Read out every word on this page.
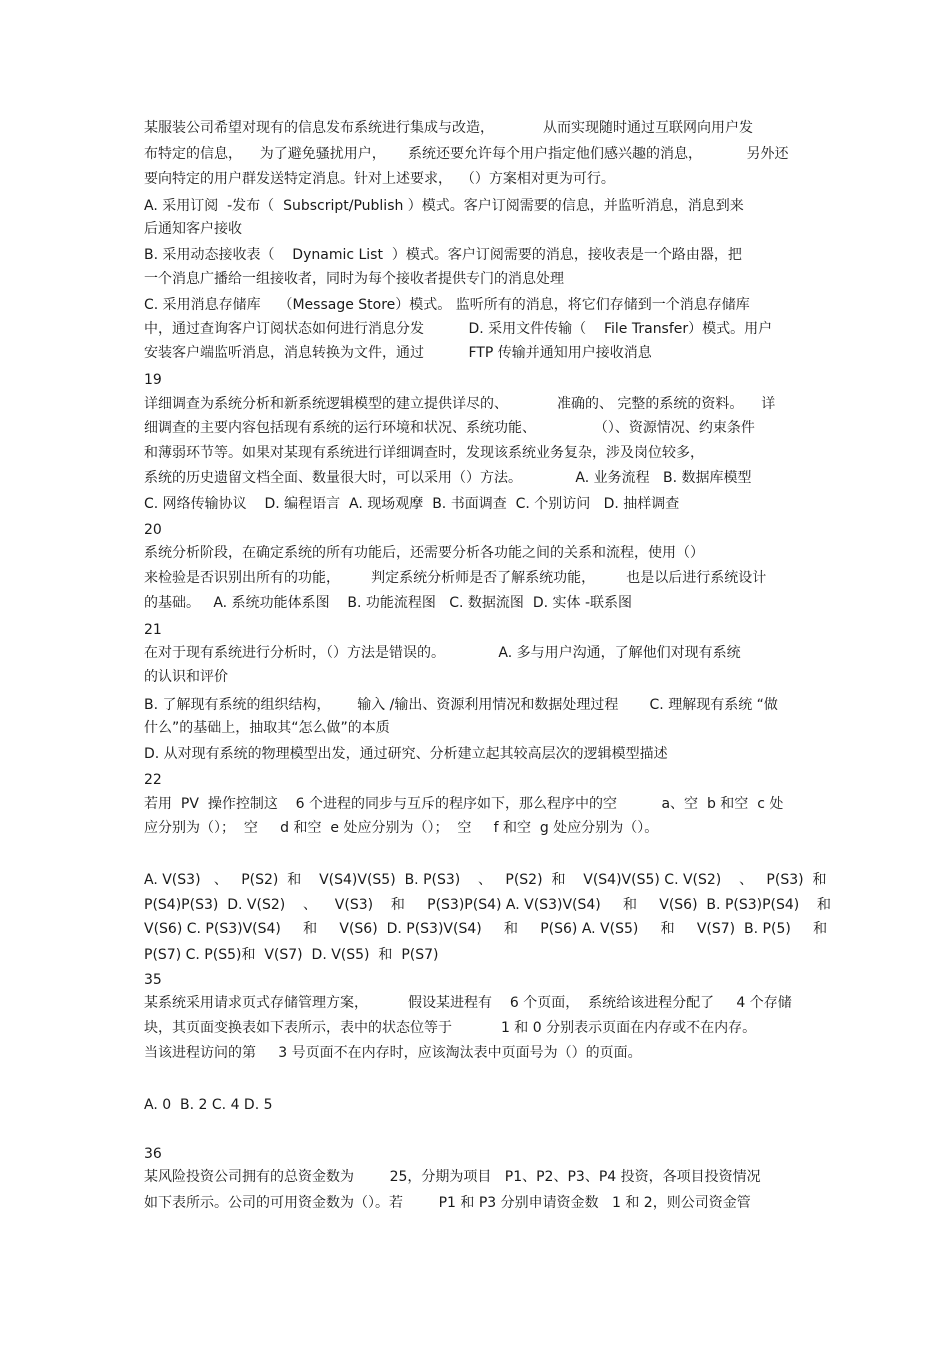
某服装公司希望对现有的信息发布系统进行集成与改造，           从而实现随时通过互联网向用户发
布特定的信息，    为了避免骚扰用户，     系统还要允许每个用户指定他们感兴趣的消息，          另外还
要向特定的用户群发送特定消息。针对上述要求，  （）方案相对更为可行。
A. 采用订阅  -发布（  Subscript/Publish ）模式。客户订阅需要的信息，并监听消息，消息到来
后通知客户接收
B. 采用动态接收表（    Dynamic List  ）模式。客户订阅需要的消息，接收表是一个路由器，把
一个消息广播给一组接收者，同时为每个接收者提供专门的消息处理
C. 采用消息存储库    （Message Store）模式。 监听所有的消息，将它们存储到一个消息存储库
中，通过查询客户订阅状态如何进行消息分发          D. 采用文件传输（    File Transfer）模式。用户
安装客户端监听消息，消息转换为文件，通过          FTP 传输并通知用户接收消息
19
详细调查为系统分析和新系统逻辑模型的建立提供详尽的、           准确的、 完整的系统的资料。    详
细调查的主要内容包括现有系统的运行环境和状况、系统功能、             （）、资源情况、约束条件
和薄弱环节等。如果对某现有系统进行详细调查时，发现该系统业务复杂，涉及岗位较多，
系统的历史遗留文档全面、数量很大时，可以采用（）方法。            A. 业务流程   B. 数据库模型
C. 网络传输协议    D. 编程语言  A. 现场观摩  B. 书面调查  C. 个别访问   D. 抽样调查
20
系统分析阶段，在确定系统的所有功能后，还需要分析各功能之间的关系和流程，使用（）
来检验是否识别出所有的功能，       判定系统分析师是否了解系统功能，       也是以后进行系统设计
的基础。   A. 系统功能体系图    B. 功能流程图   C. 数据流图  D. 实体 -联系图
21
在对于现有系统进行分析时，（）方法是错误的。            A. 多与用户沟通，了解他们对现有系统
的认识和评价
B. 了解现有系统的组织结构，      输入 /输出、资源利用情况和数据处理过程       C. 理解现有系统 “做
什么”的基础上，抽取其“怎么做”的本质
D. 从对现有系统的物理模型出发，通过研究、分析建立起其较高层次的逻辑模型描述
22
若用  PV  操作控制这    6 个进程的同步与互斥的程序如下，那么程序中的空          a、空  b 和空  c 处
应分别为（）；  空     d 和空  e 处应分别为（）；  空     f 和空  g 处应分别为（）。
A. V(S3)   、   P(S2)  和    V(S4)V(S5)  B. P(S3)    、   P(S2)  和    V(S4)V(S5) C. V(S2)    、   P(S3)  和
P(S4)P(S3)  D. V(S2)    、    V(S3)    和     P(S3)P(S4) A. V(S3)V(S4)     和     V(S6)  B. P(S3)P(S4)    和
V(S6) C. P(S3)V(S4)     和     V(S6)  D. P(S3)V(S4)     和     P(S6) A. V(S5)     和     V(S7)  B. P(5)     和
P(S7) C. P(S5)和  V(S7)  D. V(S5)  和  P(S7)
35
某系统采用请求页式存储管理方案，         假设某进程有    6 个页面，  系统给该进程分配了     4 个存储
块，其页面变换表如下表所示，表中的状态位等于           1 和 0 分别表示页面在内存或不在内存。
当该进程访问的第     3 号页面不在内存时，应该淘汰表中页面号为（）的页面。
A. 0  B. 2 C. 4 D. 5
36
某风险投资公司拥有的总资金数为        25，分期为项目   P1、P2、P3、P4 投资，各项目投资情况
如下表所示。公司的可用资金数为（）。若        P1 和 P3 分别申请资金数   1 和 2，则公司资金管
